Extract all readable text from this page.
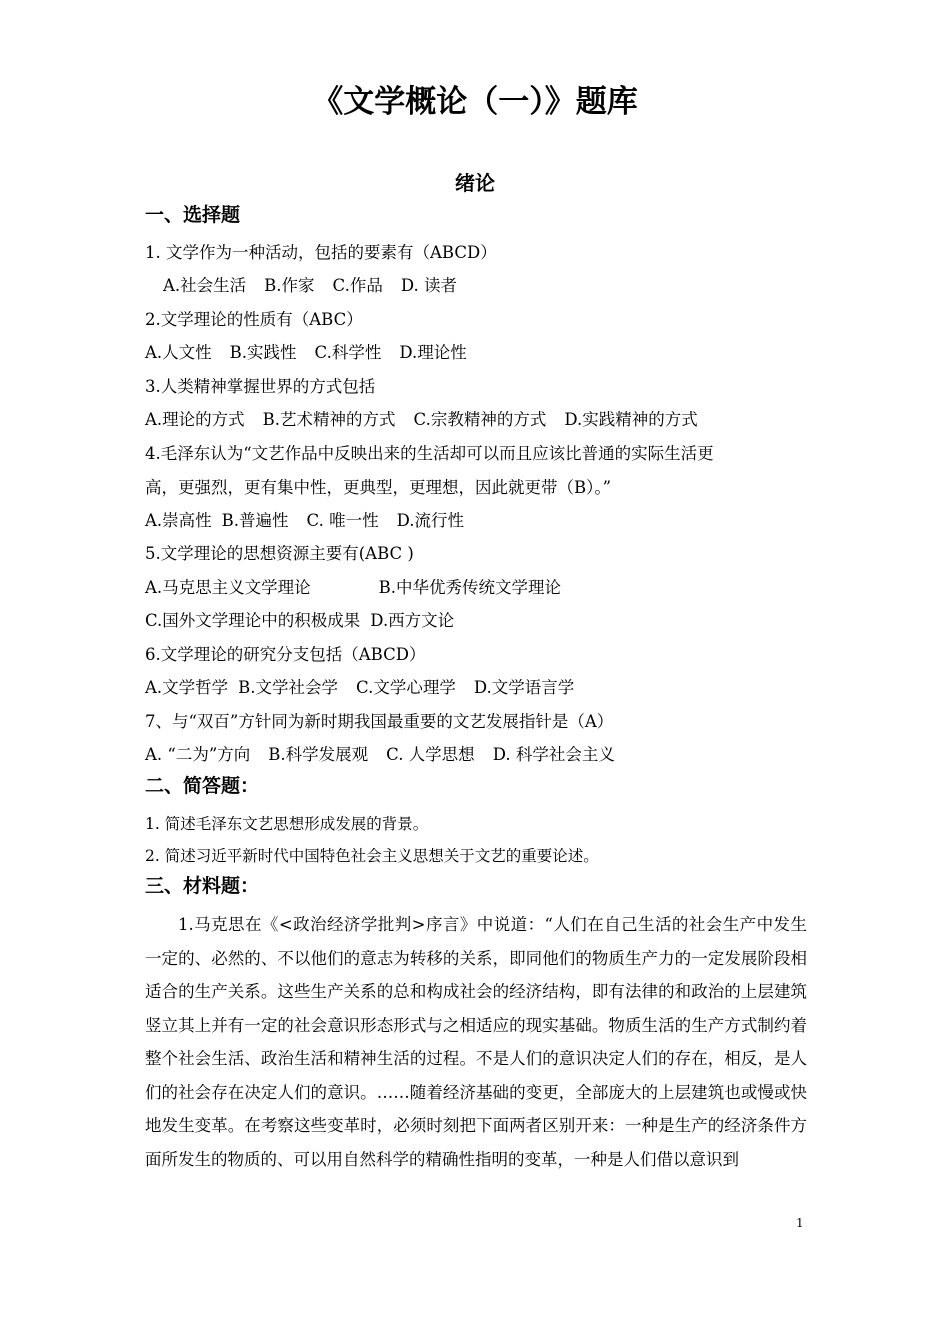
《文学概论（一）》题库
绪论
一、选择题
1. 文学作为一种活动，包括的要素有（ABCD）
A.社会生活 B.作家 C.作品 D. 读者
2.文学理论的性质有（ABC）
A.人文性 B.实践性 C.科学性 D.理论性
3.人类精神掌握世界的方式包括
A.理论的方式 B.艺术精神的方式 C.宗教精神的方式 D.实践精神的方式
4.毛泽东认为“文艺作品中反映出来的生活却可以而且应该比普通的实际生活更
高，更强烈，更有集中性，更典型，更理想，因此就更带（B）。”
A.崇高性 B.普遍性 C. 唯一性 D.流行性
5.文学理论的思想资源主要有(ABC )
A.马克思主义文学理论	B.中华优秀传统文学理论
C.国外文学理论中的积极成果 D.西方文论
6.文学理论的研究分支包括（ABCD）
A.文学哲学 B.文学社会学 C.文学心理学 D.文学语言学
7、与“双百”方针同为新时期我国最重要的文艺发展指针是（A）
A. “二为”方向 B.科学发展观 C. 人学思想 D. 科学社会主义
二、简答题：
1. 简述毛泽东文艺思想形成发展的背景。
2. 简述习近平新时代中国特色社会主义思想关于文艺的重要论述。
三、材料题：

1.马克思在《<政治经济学批判>序言》中说道：“人们在自己生活的社会生产中发生一定的、必然的、不以他们的意志为转移的关系，即同他们的物质生产力的一定发展阶段相适合的生产关系。这些生产关系的总和构成社会的经济结构，即有法律的和政治的上层建筑竖立其上并有一定的社会意识形态形式与之相适应的现实基础。物质生活的生产方式制约着整个社会生活、政治生活和精神生活的过程。不是人们的意识决定人们的存在，相反，是人们的社会存在决定人们的意识。……随着经济基础的变更，全部庞大的上层建筑也或慢或快地发生变革。在考察这些变革时，必须时刻把下面两者区别开来：一种是生产的经济条件方面所发生的物质的、可以用自然科学的精确性指明的变革，一种是人们借以意识到

1
